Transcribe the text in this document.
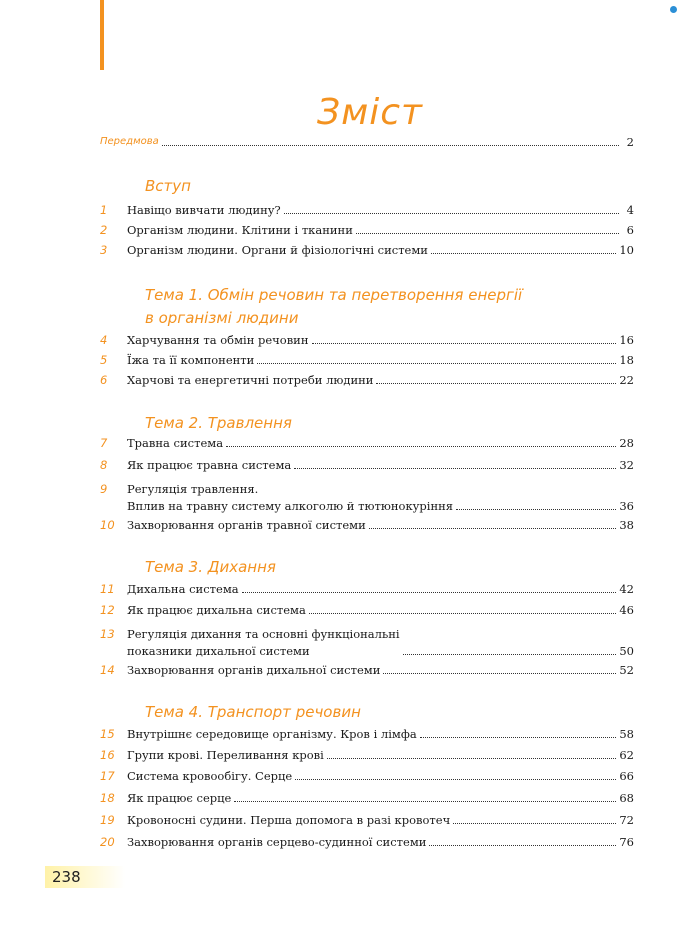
Зміст
Передмова	2
Вступ
1	Навіщо вивчати людину?	4
2	Організм людини. Клітини і тканини	6
3	Організм людини. Органи й фізіологічні системи	10
Тема 1. Обмін речовин та перетворення енергії
в організмі людини
4	Харчування та обмін речовин	16
5	Їжа та її компоненти	18
6	Харчові та енергетичні потреби людини	22
Тема 2. Травлення
7	Травна система	28
8	Як працює травна система	32
9	Регуляція травлення.
Вплив на травну систему алкоголю й тютюнокуріння	36
10	Захворювання органів травної системи	38
Тема 3. Дихання
11	Дихальна система	42
12	Як працює дихальна система	46
13	Регуляція дихання та основні функціональні
показники дихальної системи	50
14	Захворювання органів дихальної системи	52
Тема 4. Транспорт речовин
15	Внутрішнє середовище організму. Кров і лімфа	58
16	Групи крові. Переливання крові	62
17	Система кровообігу. Серце	66
18	Як працює серце	68
19	Кровоносні судини. Перша допомога в разі кровотеч	72
20	Захворювання органів серцево-судинної системи	76
238
